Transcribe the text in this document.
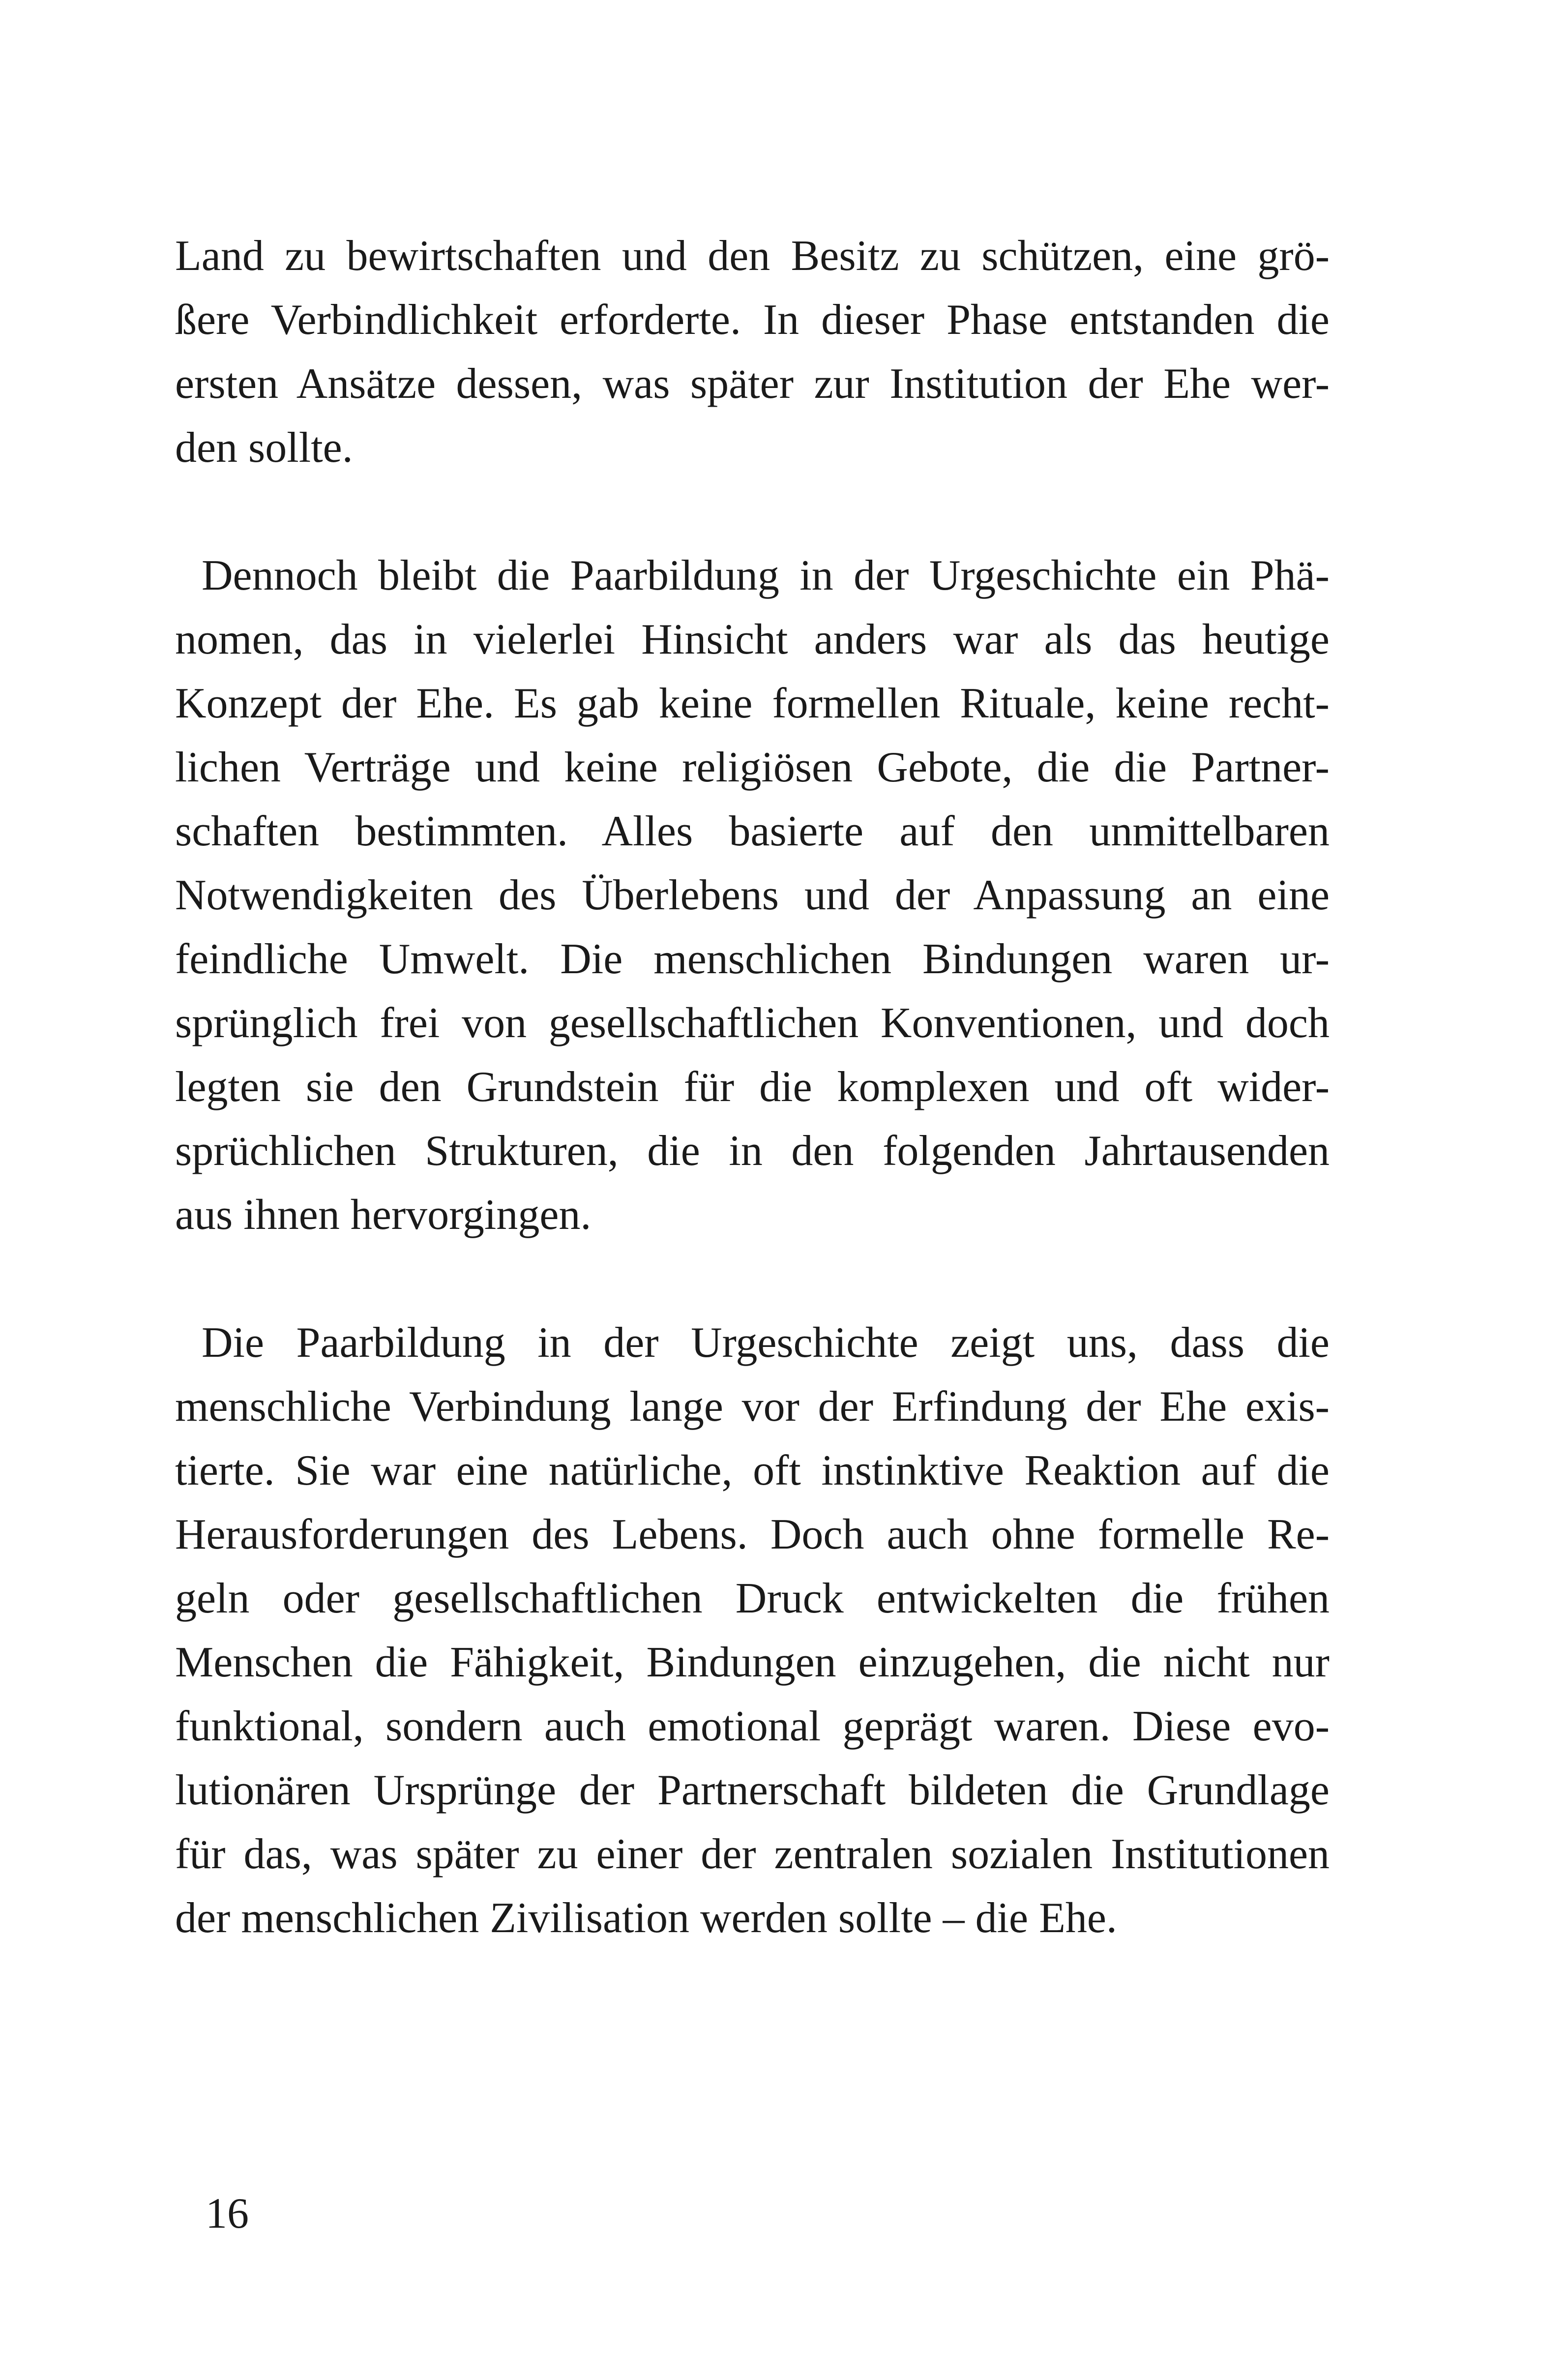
Land zu bewirtschaften und den Besitz zu schützen, eine grö-

ßere Verbindlichkeit erforderte. In dieser Phase entstanden die

ersten Ansätze dessen, was später zur Institution der Ehe wer-

den sollte.

Dennoch bleibt die Paarbildung in der Urgeschichte ein Phä-

nomen, das in vielerlei Hinsicht anders war als das heutige

Konzept der Ehe. Es gab keine formellen Rituale, keine recht-

lichen Verträge und keine religiösen Gebote, die die Partner-

schaften bestimmten. Alles basierte auf den unmittelbaren

Notwendigkeiten des Überlebens und der Anpassung an eine

feindliche Umwelt. Die menschlichen Bindungen waren ur-

sprünglich frei von gesellschaftlichen Konventionen, und doch

legten sie den Grundstein für die komplexen und oft wider-

sprüchlichen Strukturen, die in den folgenden Jahrtausenden

aus ihnen hervorgingen.

Die Paarbildung in der Urgeschichte zeigt uns, dass die

menschliche Verbindung lange vor der Erfindung der Ehe exis-

tierte. Sie war eine natürliche, oft instinktive Reaktion auf die

Herausforderungen des Lebens. Doch auch ohne formelle Re-

geln oder gesellschaftlichen Druck entwickelten die frühen

Menschen die Fähigkeit, Bindungen einzugehen, die nicht nur

funktional, sondern auch emotional geprägt waren. Diese evo-

lutionären Ursprünge der Partnerschaft bildeten die Grundlage

für das, was später zu einer der zentralen sozialen Institutionen

der menschlichen Zivilisation werden sollte – die Ehe.

16
